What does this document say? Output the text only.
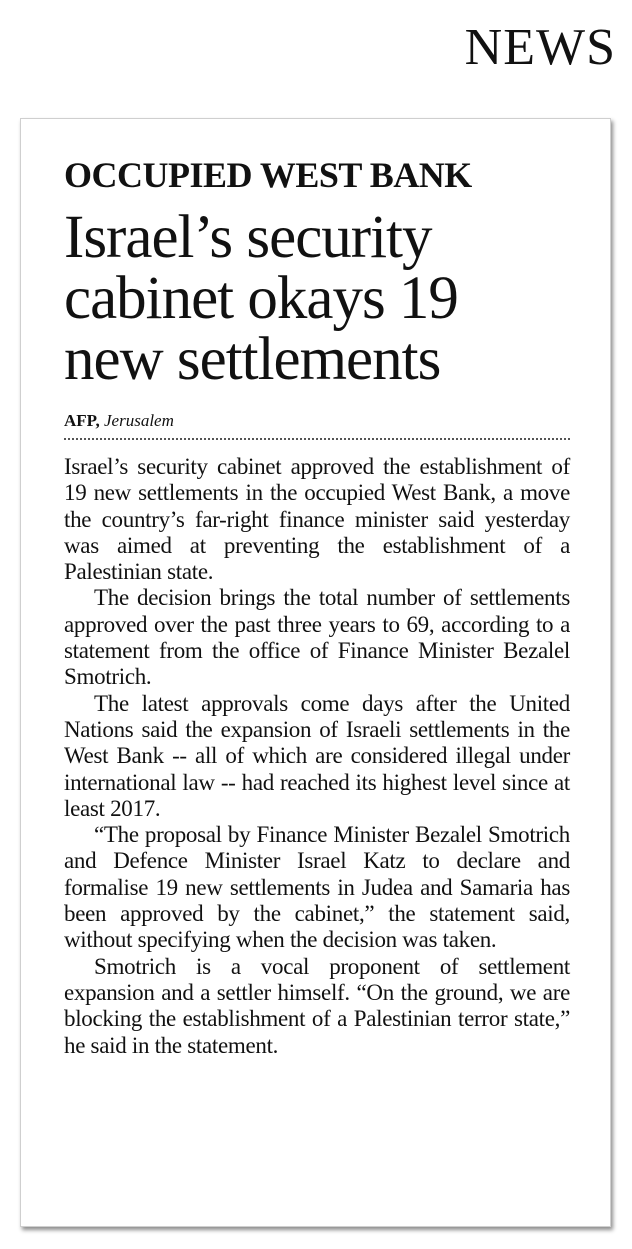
NEWS
OCCUPIED WEST BANK
Israel’s security cabinet okays 19 new settlements
AFP, Jerusalem

Israel’s security cabinet approved the establishment of 19 new settlements in the occupied West Bank, a move the country’s far-right finance minister said yesterday was aimed at preventing the establishment of a Palestinian state.

The decision brings the total number of settlements approved over the past three years to 69, according to a statement from the office of Finance Minister Bezalel Smotrich.

The latest approvals come days after the United Nations said the expansion of Israeli settlements in the West Bank -- all of which are considered illegal under international law -- had reached its highest level since at least 2017.

“The proposal by Finance Minister Bezalel Smotrich and Defence Minister Israel Katz to declare and formalise 19 new settlements in Judea and Samaria has been approved by the cabinet,” the statement said, without specifying when the decision was taken.

Smotrich is a vocal proponent of settlement expansion and a settler himself. “On the ground, we are blocking the establishment of a Palestinian terror state,” he said in the statement.
